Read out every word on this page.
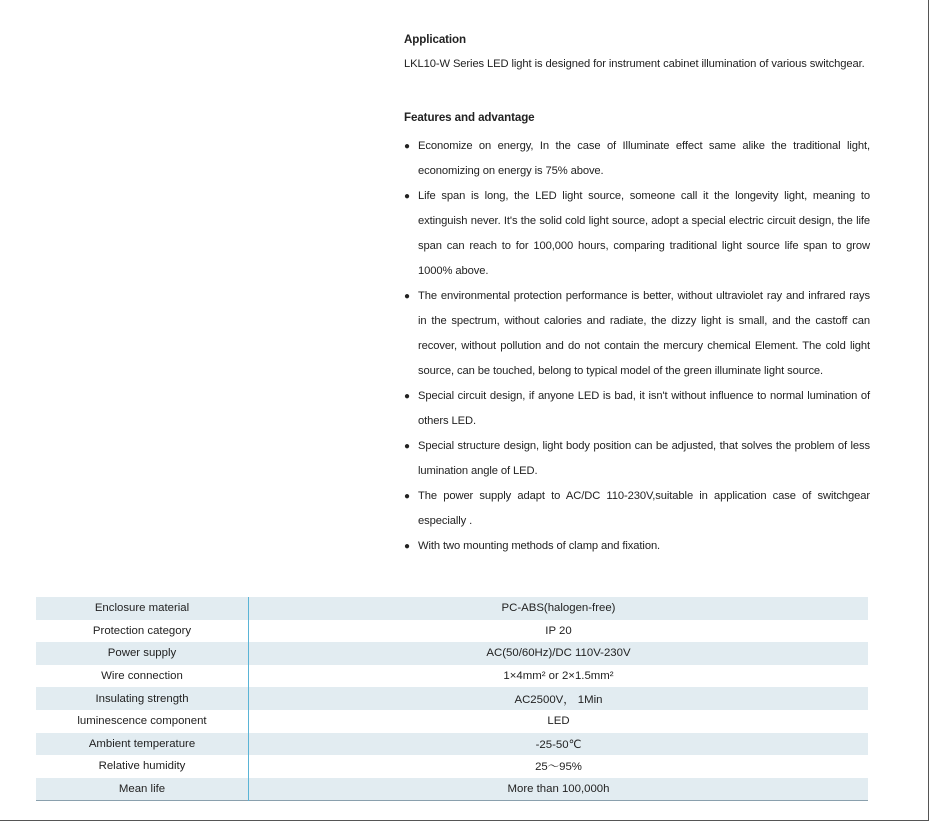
Application

LKL10-W Series LED light is designed for instrument cabinet illumination of various switchgear.

Features and advantage

● Economize on energy, In the case of Illuminate effect same alike the traditional light, economizing on energy is 75% above.
● Life span is long, the LED light source, someone call it the longevity light, meaning to extinguish never. It's the solid cold light source, adopt a special electric circuit design, the life span can reach to for 100,000 hours, comparing traditional light source life span to grow 1000% above.
● The environmental protection performance is better, without ultraviolet ray and infrared rays in the spectrum, without calories and radiate, the dizzy light is small, and the castoff can recover, without pollution and do not contain the mercury chemical Element. The cold light source, can be touched, belong to typical model of the green illuminate light source.
● Special circuit design, if anyone LED is bad, it isn't without influence to normal lumination of others LED.
● Special structure design, light body position can be adjusted, that solves the problem of less lumination angle of LED.
● The power supply adapt to AC/DC 110-230V,suitable in application case of switchgear especially .
● With two mounting methods of clamp and fixation.
Enclosure material	PC-ABS(halogen-free)
Protection category	IP 20
Power supply	AC(50/60Hz)/DC 110V-230V
Wire connection	1×4mm² or 2×1.5mm²
Insulating strength	AC2500V， 1Min
luminescence component	LED
Ambient temperature	-25-50℃
Relative humidity	25～95%
Mean life	More than 100,000h
